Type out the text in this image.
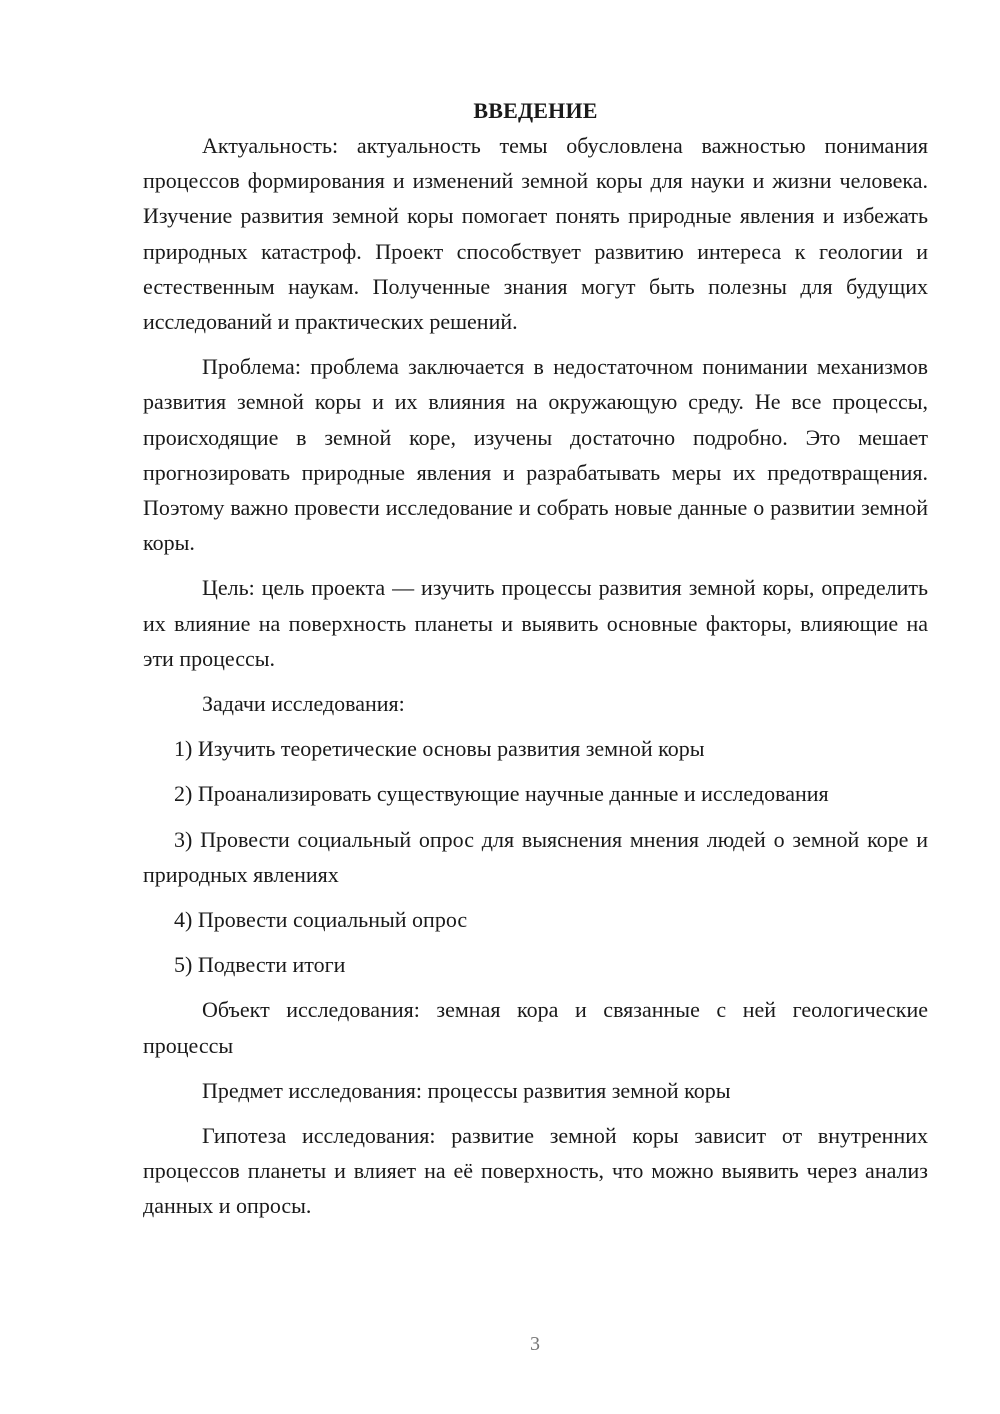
ВВЕДЕНИЕ

Актуальность: актуальность темы обусловлена важностью понимания процессов формирования и изменений земной коры для науки и жизни человека. Изучение развития земной коры помогает понять природные явления и избежать природных катастроф. Проект способствует развитию интереса к геологии и естественным наукам. Полученные знания могут быть полезны для будущих исследований и практических решений.

Проблема: проблема заключается в недостаточном понимании механизмов развития земной коры и их влияния на окружающую среду. Не все процессы, происходящие в земной коре, изучены достаточно подробно. Это мешает прогнозировать природные явления и разрабатывать меры их предотвращения. Поэтому важно провести исследование и собрать новые данные о развитии земной коры.

Цель: цель проекта — изучить процессы развития земной коры, определить их влияние на поверхность планеты и выявить основные факторы, влияющие на эти процессы.

Задачи исследования:

1) Изучить теоретические основы развития земной коры

2) Проанализировать существующие научные данные и исследования

3) Провести социальный опрос для выяснения мнения людей о земной коре и природных явлениях

4) Провести социальный опрос

5) Подвести итоги

Объект исследования: земная кора и связанные с ней геологические процессы

Предмет исследования: процессы развития земной коры

Гипотеза исследования: развитие земной коры зависит от внутренних процессов планеты и влияет на её поверхность, что можно выявить через анализ данных и опросы.

3
